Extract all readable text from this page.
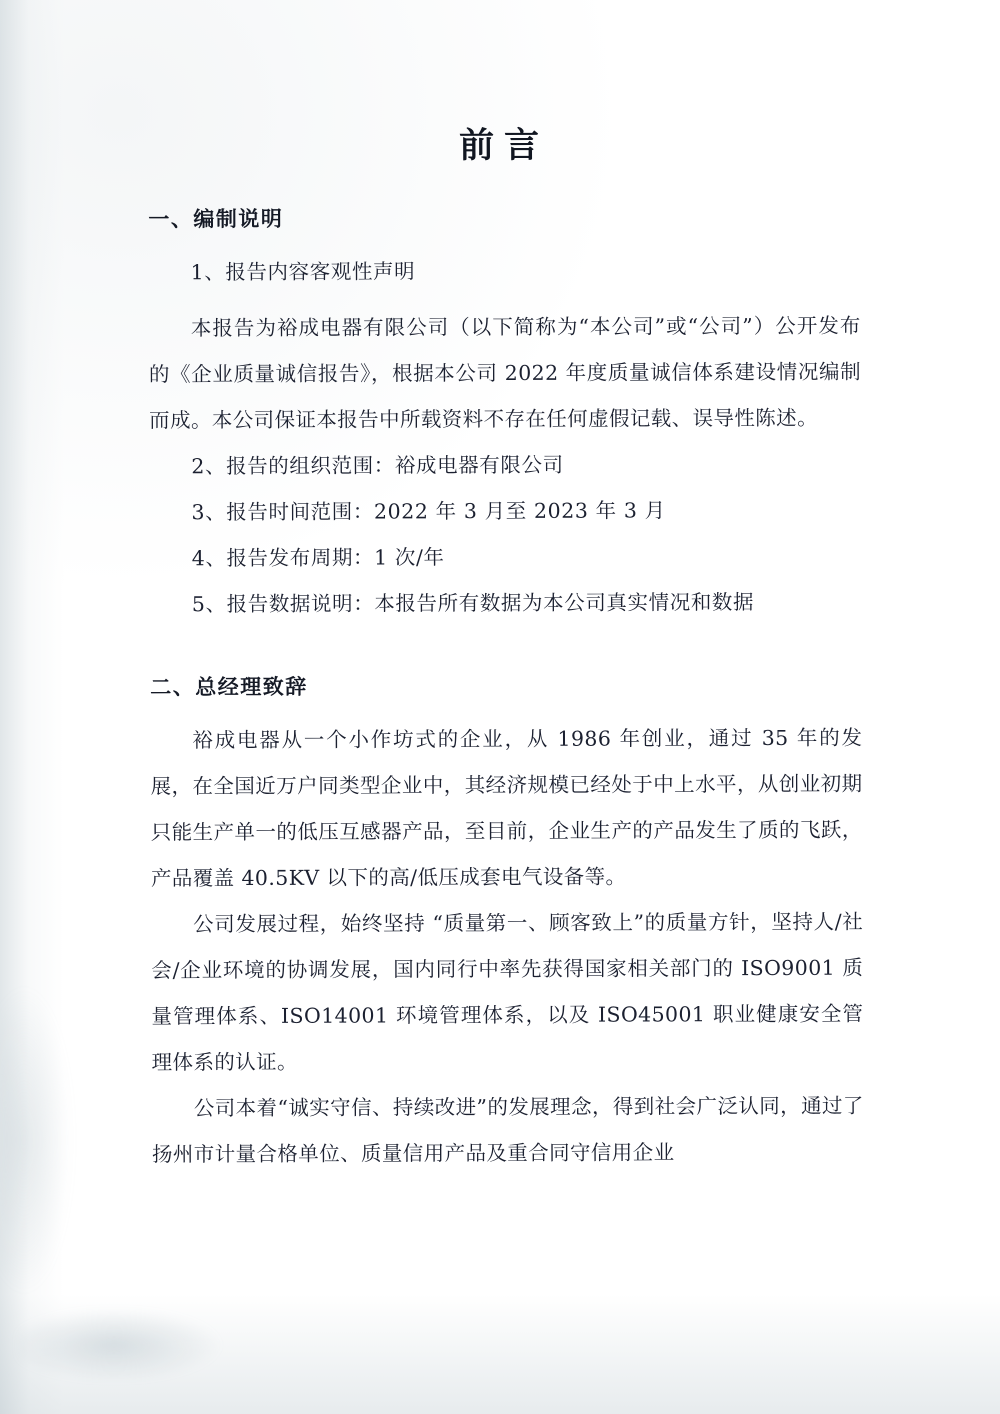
前言
一、编制说明

1、报告内容客观性声明

本报告为裕成电器有限公司（以下简称为“本公司”或“公司”）公开发布的《企业质量诚信报告》，根据本公司 2022 年度质量诚信体系建设情况编制而成。本公司保证本报告中所载资料不存在任何虚假记载、误导性陈述。

2、报告的组织范围：裕成电器有限公司

3、报告时间范围：2022 年 3 月至 2023 年 3 月

4、报告发布周期：1 次/年

5、报告数据说明：本报告所有数据为本公司真实情况和数据

二、总经理致辞

裕成电器从一个小作坊式的企业，从 1986 年创业，通过 35 年的发展，在全国近万户同类型企业中，其经济规模已经处于中上水平，从创业初期只能生产单一的低压互感器产品，至目前，企业生产的产品发生了质的飞跃，产品覆盖 40.5KV 以下的高/低压成套电气设备等。

公司发展过程，始终坚持 “质量第一、顾客致上”的质量方针，坚持人/社会/企业环境的协调发展，国内同行中率先获得国家相关部门的 ISO9001 质量管理体系、ISO14001 环境管理体系，以及 ISO45001 职业健康安全管理体系的认证。

公司本着“诚实守信、持续改进”的发展理念，得到社会广泛认同，通过了扬州市计量合格单位、质量信用产品及重合同守信用企业
